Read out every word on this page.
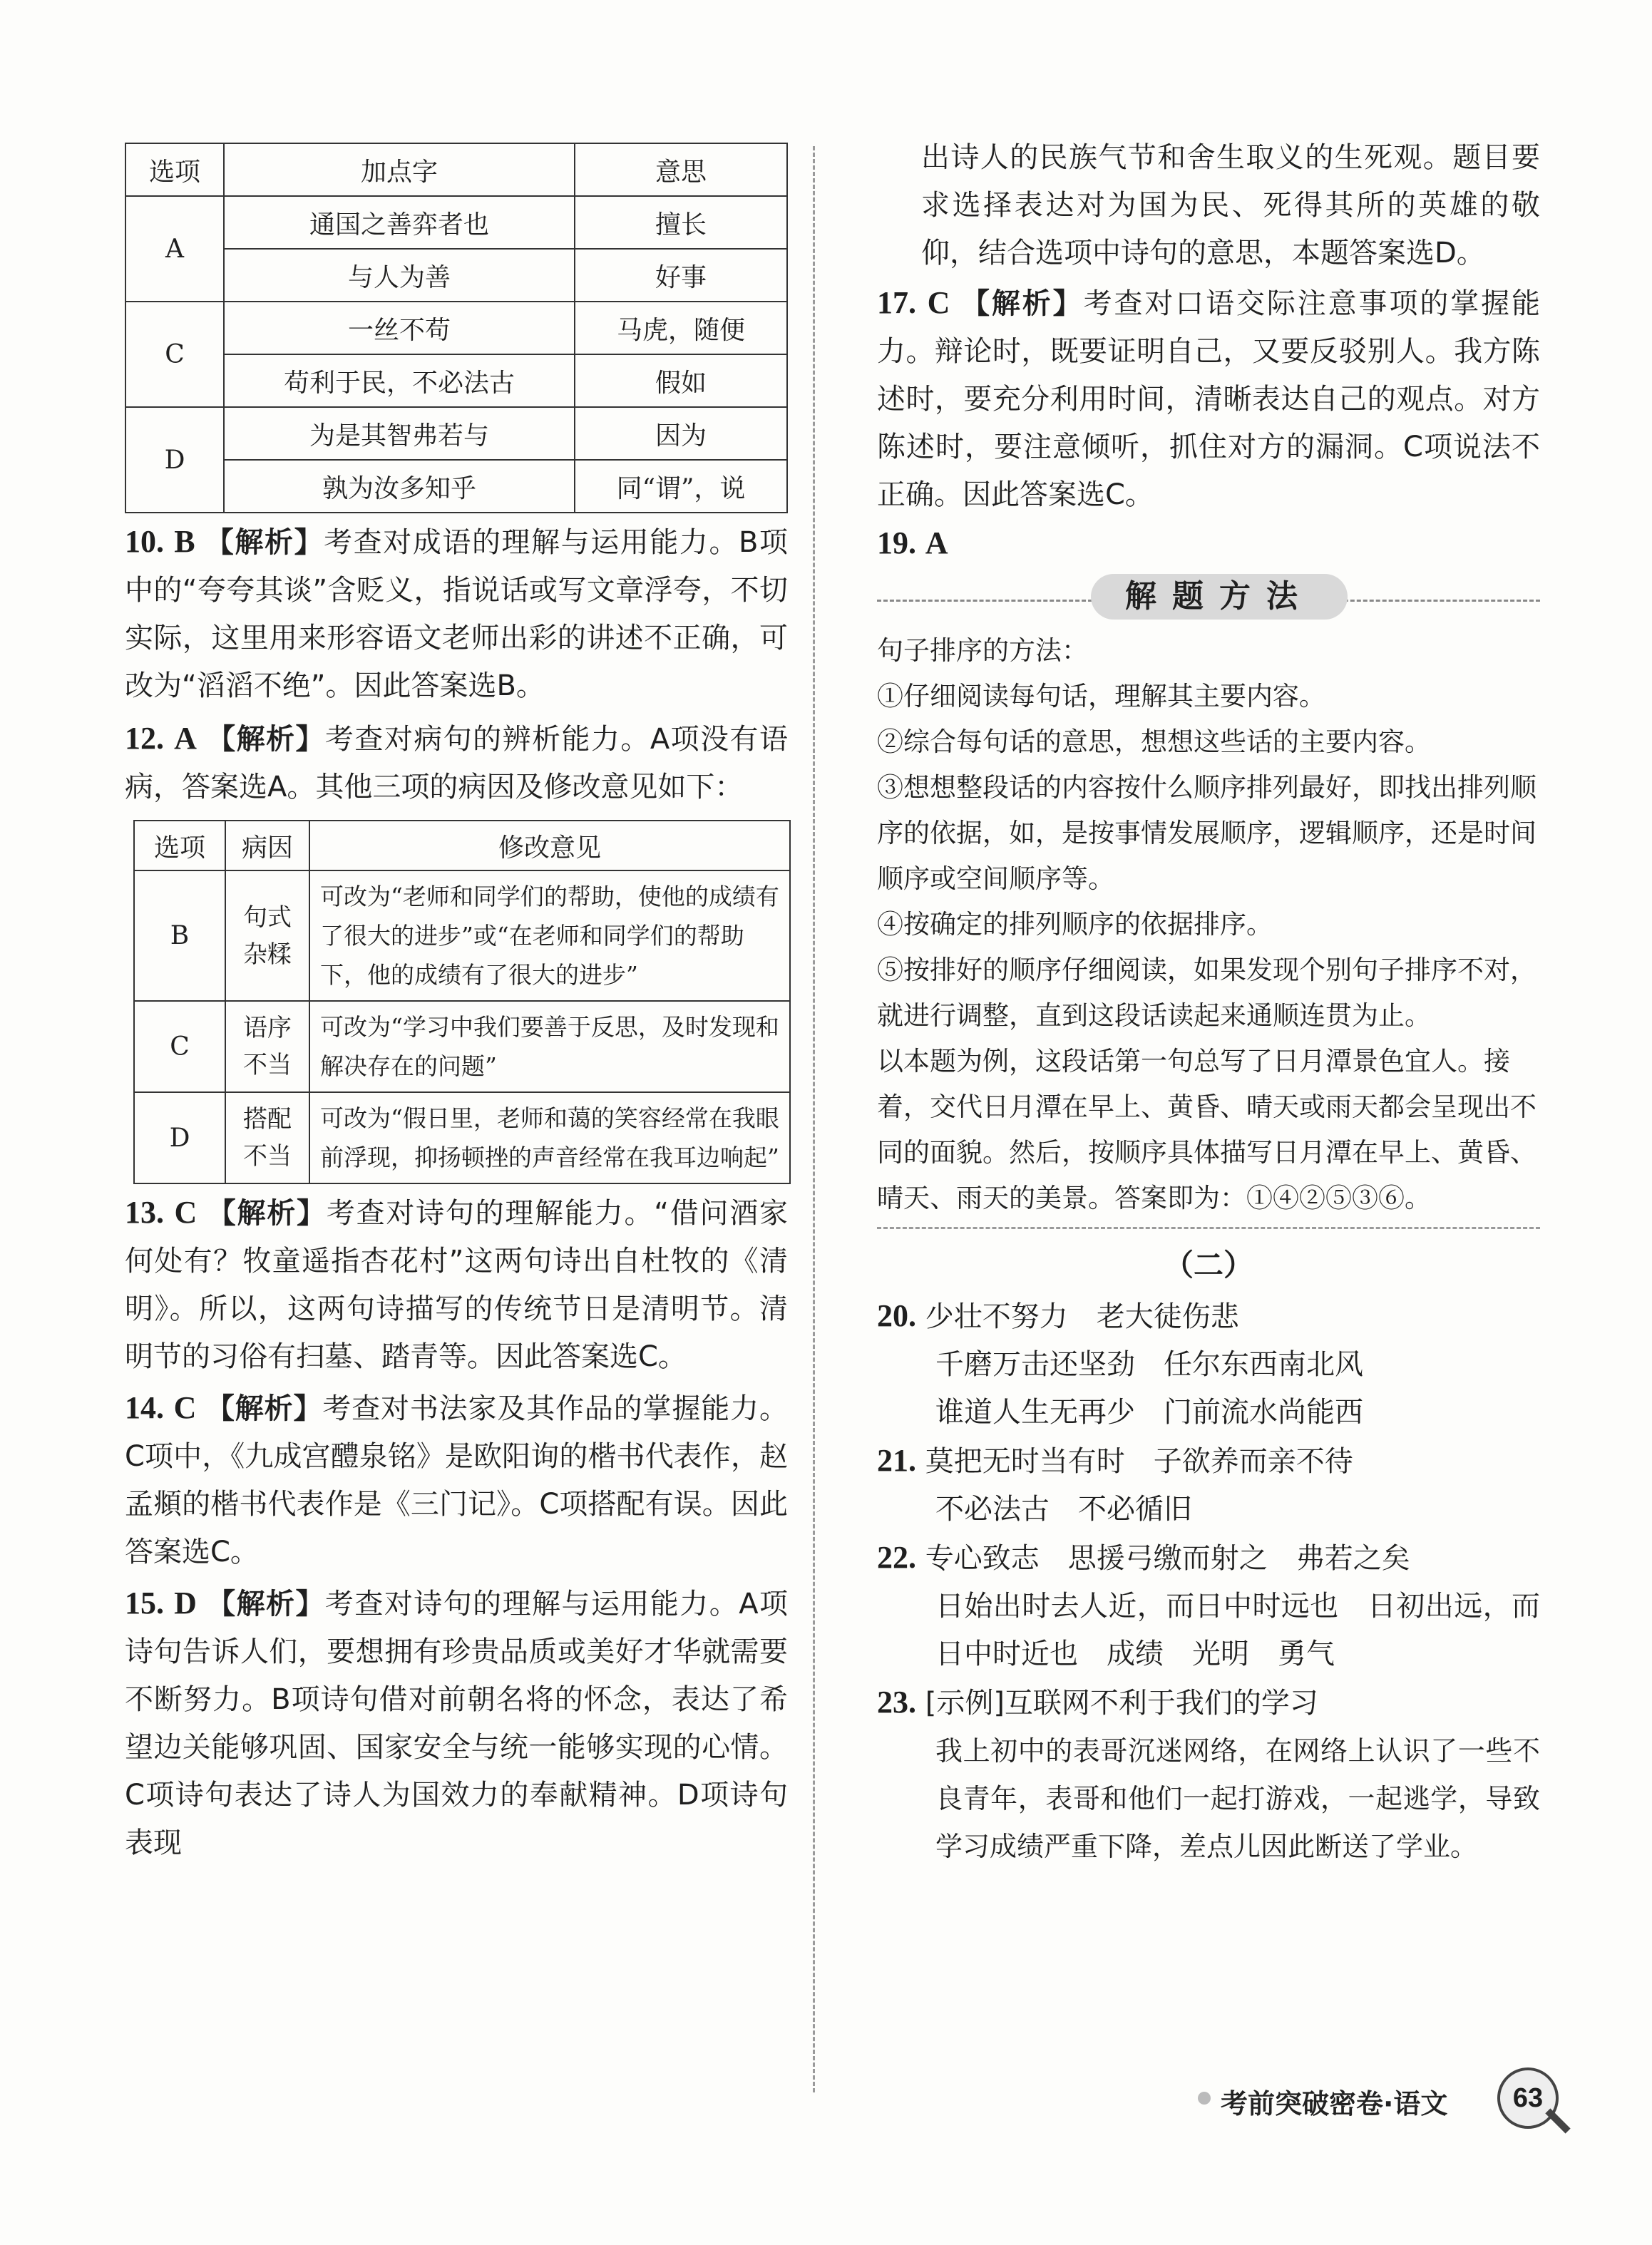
选项	加点字	意思
A	通国之善弈者也	擅长
	与人为善	好事
C	一丝不苟	马虎，随便
	苟利于民，不必法古	假如
D	为是其智弗若与	因为
	孰为汝多知乎	同“谓”，说
10. B 【解析】考查对成语的理解与运用能力。B项中的“夸夸其谈”含贬义，指说话或写文章浮夸，不切实际，这里用来形容语文老师出彩的讲述不正确，可改为“滔滔不绝”。因此答案选B。
12. A 【解析】考查对病句的辨析能力。A项没有语病，答案选A。其他三项的病因及修改意见如下：
选项	病因	修改意见
B	句式杂糅	可改为“老师和同学们的帮助，使他的成绩有了很大的进步”或“在老师和同学们的帮助下，他的成绩有了很大的进步”
C	语序不当	可改为“学习中我们要善于反思，及时发现和解决存在的问题”
D	搭配不当	可改为“假日里，老师和蔼的笑容经常在我眼前浮现，抑扬顿挫的声音经常在我耳边响起”
13. C 【解析】考查对诗句的理解能力。“借问酒家何处有？牧童遥指杏花村”这两句诗出自杜牧的《清明》。所以，这两句诗描写的传统节日是清明节。清明节的习俗有扫墓、踏青等。因此答案选C。
14. C 【解析】考查对书法家及其作品的掌握能力。C项中，《九成宫醴泉铭》是欧阳询的楷书代表作，赵孟頫的楷书代表作是《三门记》。C项搭配有误。因此答案选C。
15. D 【解析】考查对诗句的理解与运用能力。A项诗句告诉人们，要想拥有珍贵品质或美好才华就需要不断努力。B项诗句借对前朝名将的怀念，表达了希望边关能够巩固、国家安全与统一能够实现的心情。C项诗句表达了诗人为国效力的奉献精神。D项诗句表现
出诗人的民族气节和舍生取义的生死观。题目要求选择表达对为国为民、死得其所的英雄的敬仰，结合选项中诗句的意思，本题答案选D。
17. C 【解析】考查对口语交际注意事项的掌握能力。辩论时，既要证明自己，又要反驳别人。我方陈述时，要充分利用时间，清晰表达自己的观点。对方陈述时，要注意倾听，抓住对方的漏洞。C项说法不正确。因此答案选C。
19. A
解题方法

句子排序的方法：

①仔细阅读每句话，理解其主要内容。

②综合每句话的意思，想想这些话的主要内容。

③想想整段话的内容按什么顺序排列最好，即找出排列顺序的依据，如，是按事情发展顺序，逻辑顺序，还是时间顺序或空间顺序等。

④按确定的排列顺序的依据排序。

⑤按排好的顺序仔细阅读，如果发现个别句子排序不对，就进行调整，直到这段话读起来通顺连贯为止。

以本题为例，这段话第一句总写了日月潭景色宜人。接着，交代日月潭在早上、黄昏、晴天或雨天都会呈现出不同的面貌。然后，按顺序具体描写日月潭在早上、黄昏、晴天、雨天的美景。答案即为：①④②⑤③⑥。

（二）

20. 少壮不努力　老大徒伤悲

千磨万击还坚劲　任尔东西南北风

谁道人生无再少　门前流水尚能西

21. 莫把无时当有时　子欲养而亲不待

不必法古　不必循旧

22. 专心致志　思援弓缴而射之　弗若之矣

日始出时去人近，而日中时远也　日初出远，而日中时近也　成绩　光明　勇气

23. [示例]互联网不利于我们的学习

我上初中的表哥沉迷网络，在网络上认识了一些不良青年，表哥和他们一起打游戏，一起逃学，导致学习成绩严重下降，差点儿因此断送了学业。

考前突破密卷·语文	63
